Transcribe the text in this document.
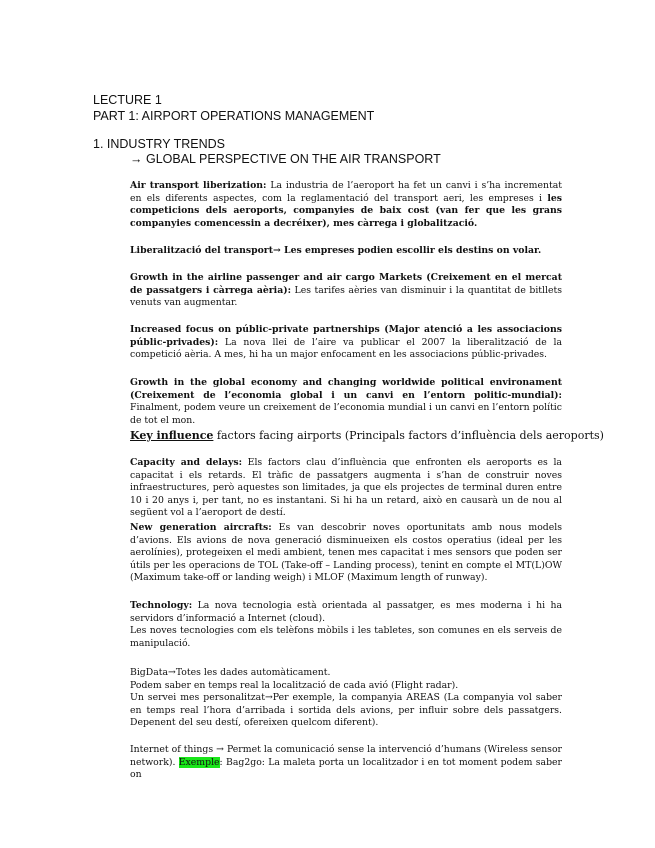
LECTURE 1
PART 1: AIRPORT OPERATIONS MANAGEMENT
1. INDUSTRY TRENDS
→ GLOBAL PERSPECTIVE ON THE AIR TRANSPORT
Air transport liberization: La industria de l’aeroport ha fet un canvi i s’ha incrementat en els diferents aspectes, com la reglamentació del transport aeri, les empreses i les competicions dels aeroports, companyies de baix cost (van fer que les grans companyies comencessin a decréixer), mes càrrega i globalització.
Liberalització del transport→ Les empreses podien escollir els destins on volar.
Growth in the airline passenger and air cargo Markets (Creixement en el mercat de passatgers i càrrega aèria): Les tarifes aèries van disminuir i la quantitat de bitllets venuts van augmentar.
Increased focus on públic-private partnerships (Major atenció a les associacions públic-privades): La nova llei de l’aire va publicar el 2007 la liberalització de la competició aèria. A mes, hi ha un major enfocament en les associacions públic-privades.
Growth in the global economy and changing worldwide political environament (Creixement de l’economia global i un canvi en l’entorn politic-mundial): Finalment, podem veure un creixement de l’economia mundial i un canvi en l’entorn polític de tot el mon.
Key influence factors facing airports (Principals factors d’influència dels aeroports)
Capacity and delays: Els factors clau d’influència que enfronten els aeroports es la capacitat i els retards. El tràfic de passatgers augmenta i s’han de construir noves infraestructures, però aquestes son limitades, ja que els projectes de terminal duren entre 10 i 20 anys i, per tant, no es instantani. Si hi ha un retard, això en causarà un de nou al següent vol a l’aeroport de destí.
New generation aircrafts: Es van descobrir noves oportunitats amb nous models d’avions. Els avions de nova generació disminueixen els costos operatius (ideal per les aerolínies), protegeixen el medi ambient, tenen mes capacitat i mes sensors que poden ser útils per les operacions de TOL (Take-off – Landing process), tenint en compte el MT(L)OW (Maximum take-off or landing weigh) i MLOF (Maximum length of runway).
Technology: La nova tecnologia està orientada al passatger, es mes moderna i hi ha servidors d’informació a Internet (cloud).
Les noves tecnologies com els telèfons mòbils i les tabletes, son comunes en els serveis de manipulació.
BigData→Totes les dades automàticament.
Podem saber en temps real la localització de cada avió (Flight radar).
Un servei mes personalitzat→Per exemple, la companyia AREAS (La companyia vol saber en temps real l’hora d’arribada i sortida dels avions, per influir sobre dels passatgers. Depenent del seu destí, ofereixen quelcom diferent).
Internet of things → Permet la comunicació sense la intervenció d’humans (Wireless sensor network). Exemple: Bag2go: La maleta porta un localitzador i en tot moment podem saber on
